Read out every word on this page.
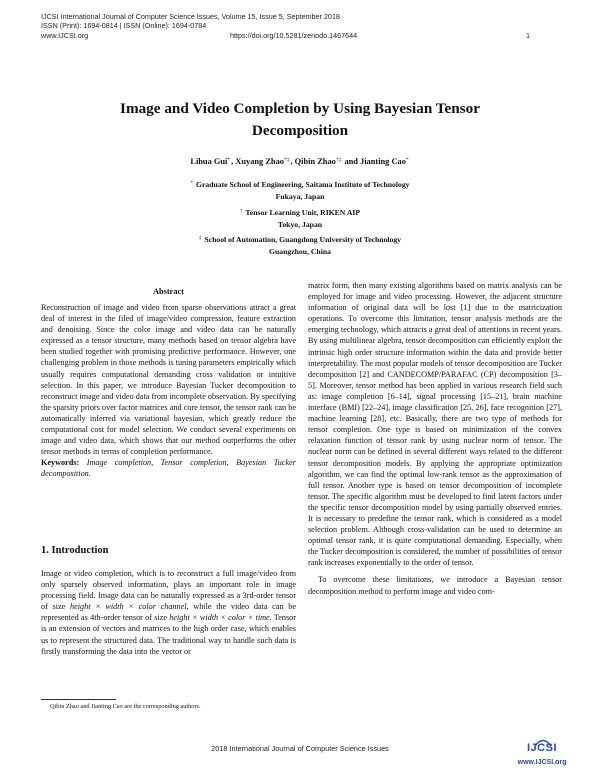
IJCSI International Journal of Computer Science Issues, Volume 15, Issue 5, September 2018
ISSN (Print): 1694-0814 | ISSN (Online): 1694-0784
www.IJCSI.org	https://doi.org/10.5281/zenodo.1467644	1
Image and Video Completion by Using Bayesian Tensor
Decomposition
Lihua Gui*, Xuyang Zhao*‡, Qibin Zhao†‡ and Jianting Cao*
* Graduate School of Engineering, Saitama Institute of Technology
Fukaya, Japan
† Tensor Learning Unit, RIKEN AIP
Tokyo, Japan
‡ School of Automation, Guangdong University of Technology
Guangzhou, China
Abstract

Reconstruction of image and video from sparse observations attract a great deal of interest in the filed of image/video compression, feature extraction and denoising. Since the color image and video data can be naturally expressed as a tensor structure, many methods based on tensor algebra have been studied together with promising predictive performance. However, one challenging problem in those methods is tuning parameters empirically which usually requires computational demanding cross validation or intuitive selection. In this paper, we introduce Bayesian Tucker decomposition to reconstruct image and video data from incomplete observation. By specifying the sparsity priors over factor matrices and core tensor, the tensor rank can be automatically inferred via variational bayesian, which greatly reduce the computational cost for model selection. We conduct several experiments on image and video data, which shows that our method outperforms the other tensor methods in terms of completion performance.

Keywords: Image completion, Tensor completion, Bayesian Tucker decomposition.

1. Introduction

Image or video completion, which is to reconstruct a full image/video from only sparsely observed information, plays an important role in image processing field. Image data can be naturally expressed as a 3rd-order tensor of size height × width × color channel, while the video data can be represented as 4th-order tensor of size height × width × color × time. Tensor is an extension of vectors and matrices to the high order case, which enables us to represent the structured data. The traditional way to handle such data is firstly transforming the data into the vector or

Qibin Zhao and Jianting Cao are the corresponding authors.

matrix form, then many existing algorithms based on matrix analysis can be employed for image and video processing. However, the adjacent structure information of original data will be lost [1] due to the matricization operations. To overcome this limitation, tensor analysis methods are the emerging technology, which attracts a great deal of attentions in recent years. By using multilinear algebra, tensor decomposition can efficiently exploit the intrinsic high order structure information within the data and provide better interpretability. The most popular models of tensor decomposition are Tucker decomposition [2] and CANDECOMP/PARAFAC (CP) decomposition [3–5]. Moreover, tensor method has been applied in various research field such as: image completion [6–14], signal processing [15–21], brain machine interface (BMI) [22–24], image classification [25, 26], face recognition [27], machine learning [28], etc. Basically, there are two type of methods for tensor completion. One type is based on minimization of the convex relaxation function of tensor rank by using nuclear norm of tensor. The nuclear norm can be defined in several different ways related to the different tensor decomposition models. By applying the appropriate optimization algorithm, we can find the optimal low-rank tensor as the approximation of full tensor. Another type is based on tensor decomposition of incomplete tensor. The specific algorithm must be developed to find latent factors under the specific tensor decomposition model by using partially observed entries. It is necessary to predefine the tensor rank, which is considered as a model selection problem. Although cross-validation can be used to determine an optimal tensor rank, it is quite computational demanding. Especially, when the Tucker decomposition is considered, the number of possibilities of tensor rank increases exponentially to the order of tensor.

To overcome these limitations, we introduce a Bayesian tensor decomposition method to perform image and video com-

2018 International Journal of Computer Science Issues	IJCSI
www.IJCSI.org
